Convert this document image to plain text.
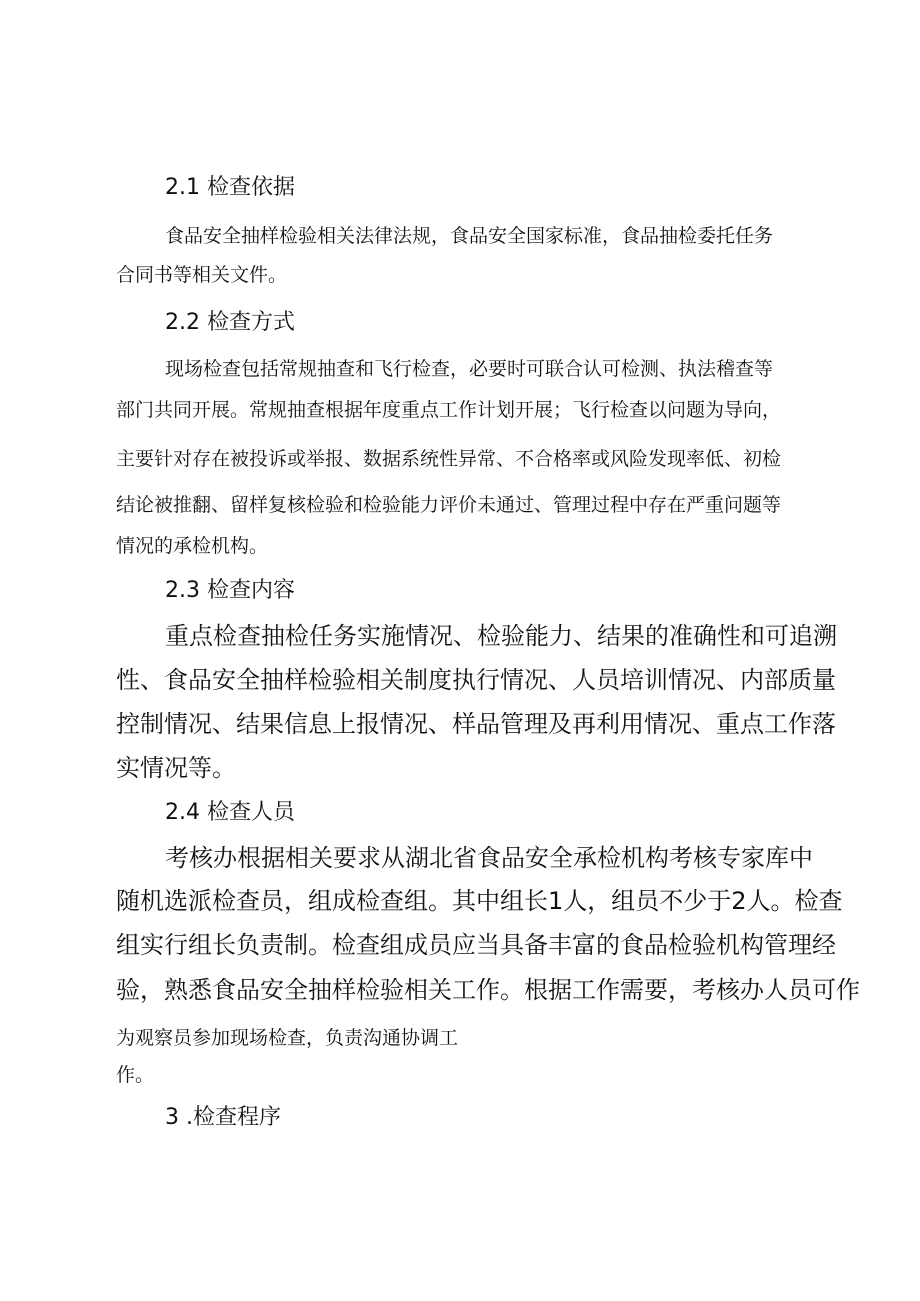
2.1 检查依据
食品安全抽样检验相关法律法规，食品安全国家标准，食品抽检委托任务
合同书等相关文件。
2.2 检查方式
现场检查包括常规抽查和飞行检查，必要时可联合认可检测、执法稽查等
部门共同开展。常规抽查根据年度重点工作计划开展；飞行检查以问题为导向，
主要针对存在被投诉或举报、数据系统性异常、不合格率或风险发现率低、初检
结论被推翻、留样复核检验和检验能力评价未通过、管理过程中存在严重问题等
情况的承检机构。
2.3 检查内容
重点检查抽检任务实施情况、检验能力、结果的准确性和可追溯
性、食品安全抽样检验相关制度执行情况、人员培训情况、内部质量
控制情况、结果信息上报情况、样品管理及再利用情况、重点工作落
实情况等。
2.4 检查人员
考核办根据相关要求从湖北省食品安全承检机构考核专家库中
随机选派检查员，组成检查组。其中组长1人，组员不少于2人。检查
组实行组长负责制。检查组成员应当具备丰富的食品检验机构管理经
验，熟悉食品安全抽样检验相关工作。根据工作需要，考核办人员可作
为观察员参加现场检查，负责沟通协调工
作。
3 .检查程序
